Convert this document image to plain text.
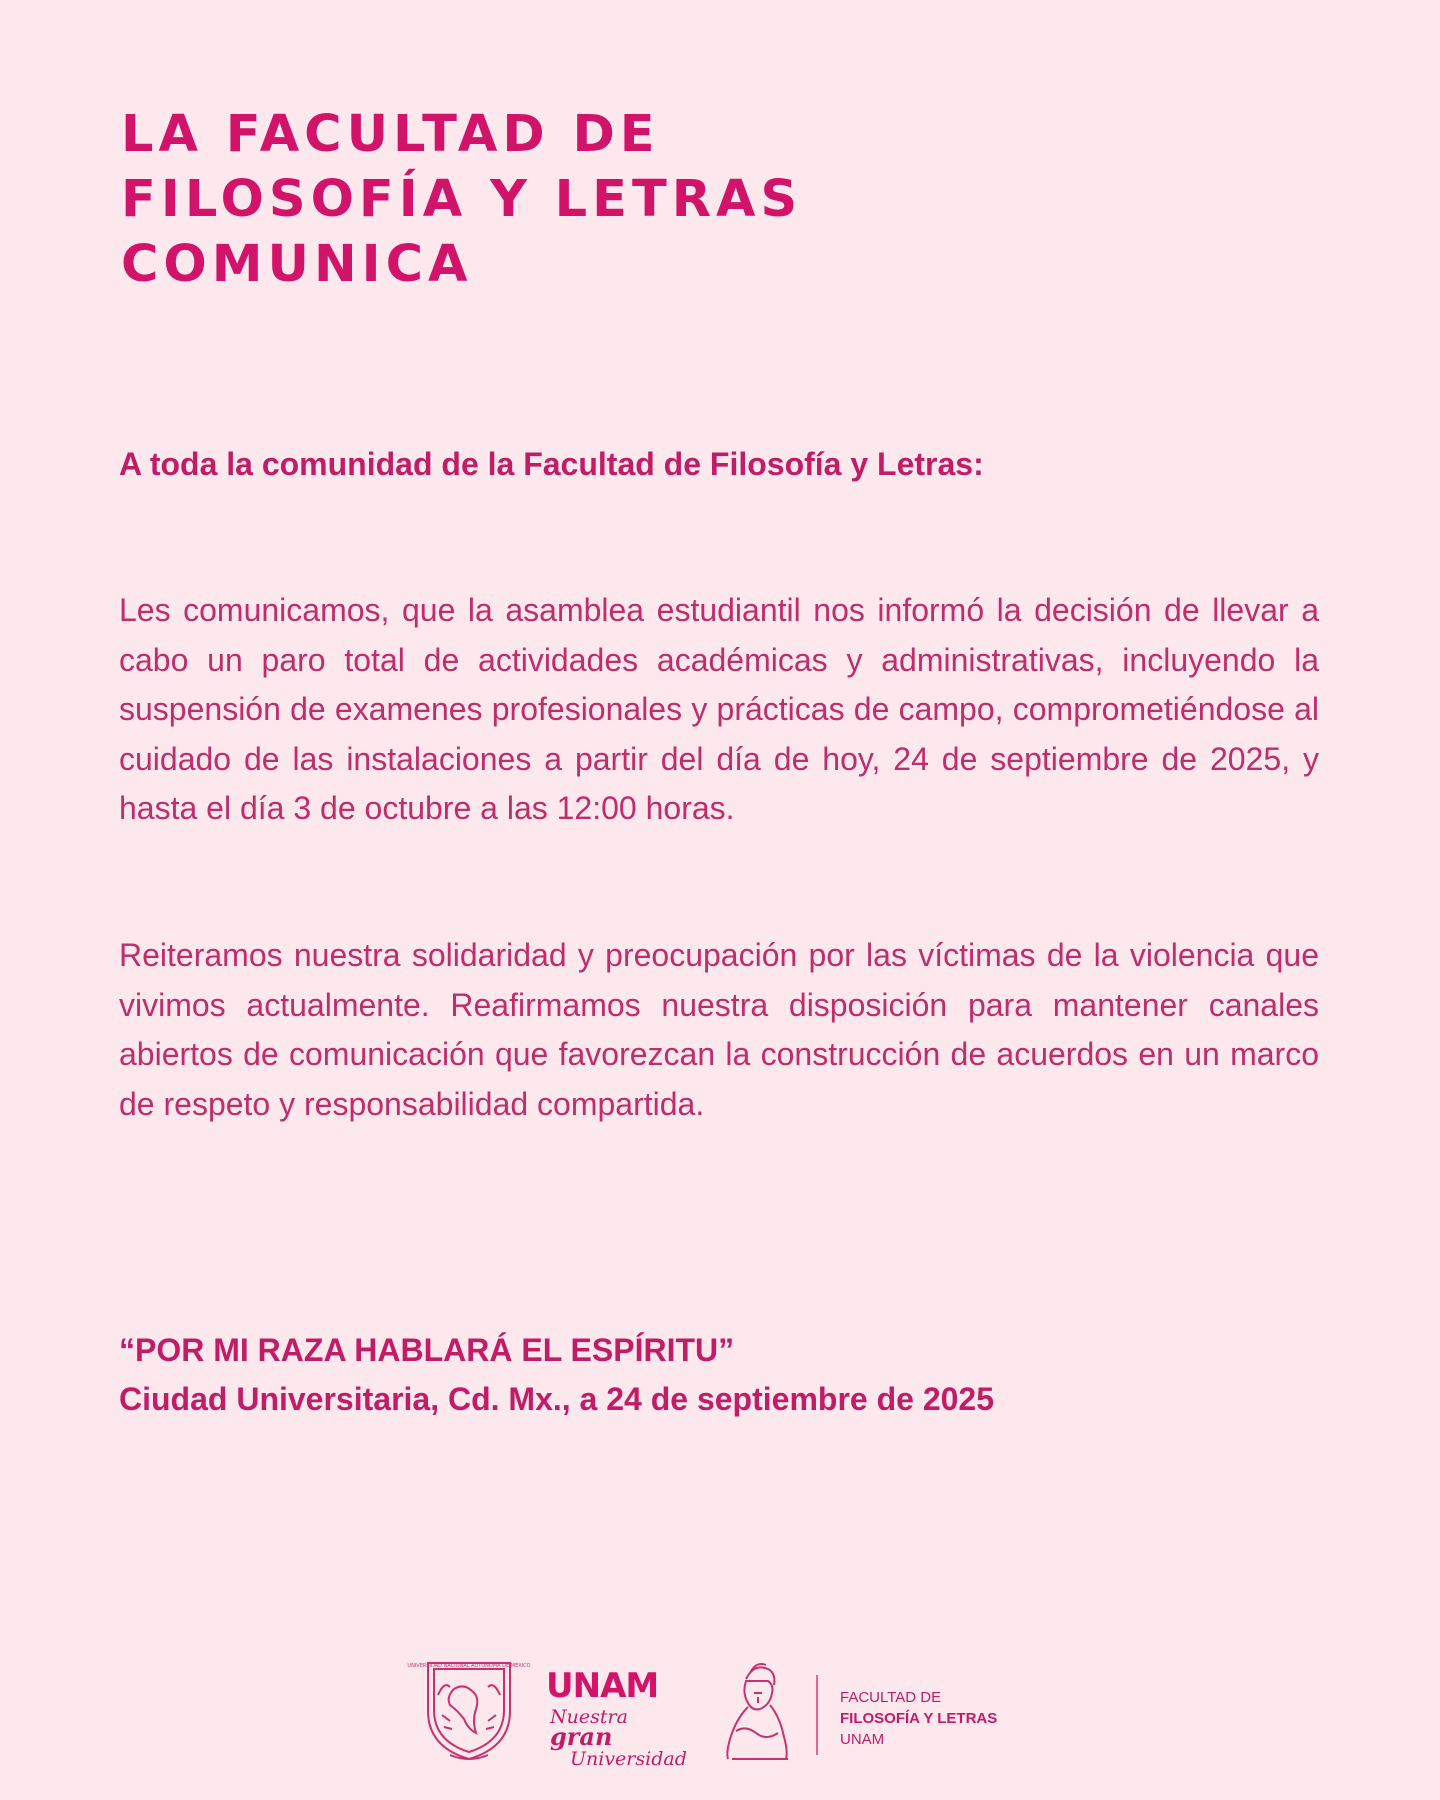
LA FACULTAD DE
FILOSOFÍA Y LETRAS
COMUNICA

A toda la comunidad de la Facultad de Filosofía y Letras:

Les comunicamos, que la asamblea estudiantil nos informó la decisión de llevar a cabo un paro total de actividades académicas y administrativas, incluyendo la suspensión de examenes profesionales y prácticas de campo, comprometiéndose al cuidado de las instalaciones a partir del día de hoy, 24 de septiembre de 2025, y hasta el día 3 de octubre a las 12:00 horas.

Reiteramos nuestra solidaridad y preocupación por las víctimas de la violencia que vivimos actualmente. Reafirmamos nuestra disposición para mantener canales abiertos de comunicación que favorezcan la construcción de acuerdos en un marco de respeto y responsabilidad compartida.

“POR MI RAZA HABLARÁ EL ESPÍRITU”
Ciudad Universitaria, Cd. Mx., a 24 de septiembre de 2025
UNIVERSIDAD NACIONAL AUTÓNOMA DE MÉXICO UNAM
Nuestra gran
Universidad
FACULTAD DE
FILOSOFÍA Y LETRAS
UNAM
